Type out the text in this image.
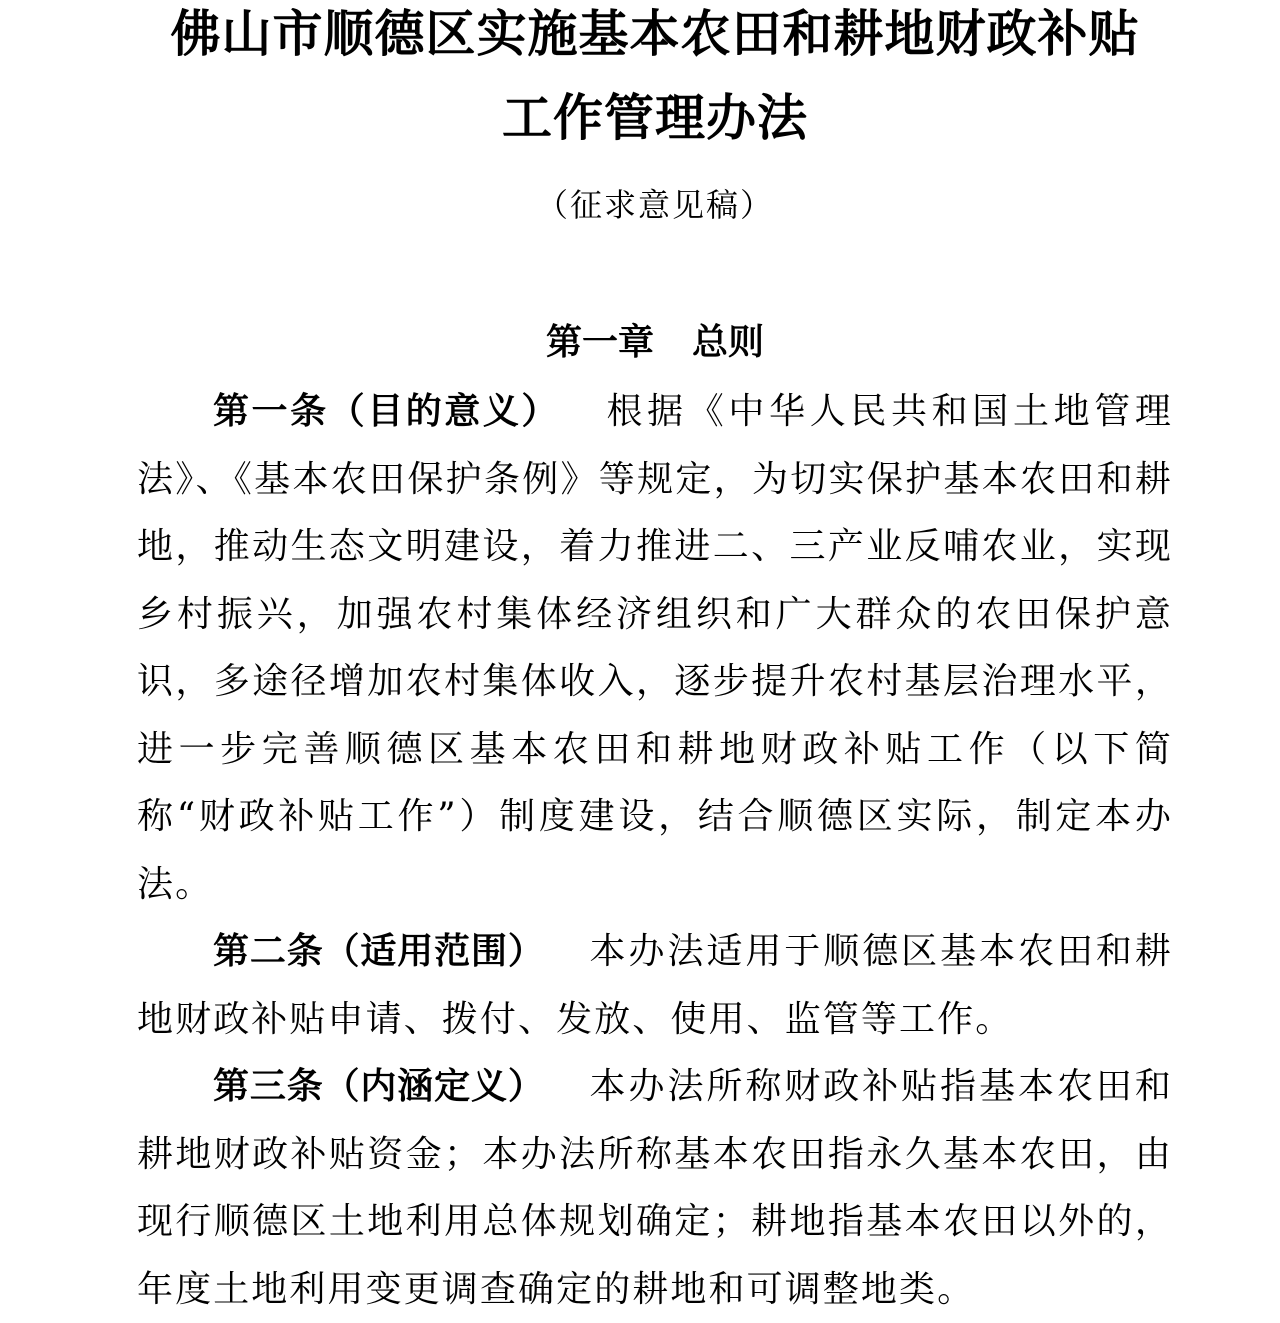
佛山市顺德区实施基本农田和耕地财政补贴
工作管理办法
（征求意见稿）
第一章 总则

第一条（目的意义） 根据《中华人民共和国土地管理法》、《基本农田保护条例》等规定，为切实保护基本农田和耕地，推动生态文明建设，着力推进二、三产业反哺农业，实现乡村振兴，加强农村集体经济组织和广大群众的农田保护意识，多途径增加农村集体收入，逐步提升农村基层治理水平，进一步完善顺德区基本农田和耕地财政补贴工作（以下简称“财政补贴工作”）制度建设，结合顺德区实际，制定本办法。

第二条（适用范围） 本办法适用于顺德区基本农田和耕地财政补贴申请、拨付、发放、使用、监管等工作。

第三条（内涵定义） 本办法所称财政补贴指基本农田和耕地财政补贴资金；本办法所称基本农田指永久基本农田，由现行顺德区土地利用总体规划确定；耕地指基本农田以外的，年度土地利用变更调查确定的耕地和可调整地类。
